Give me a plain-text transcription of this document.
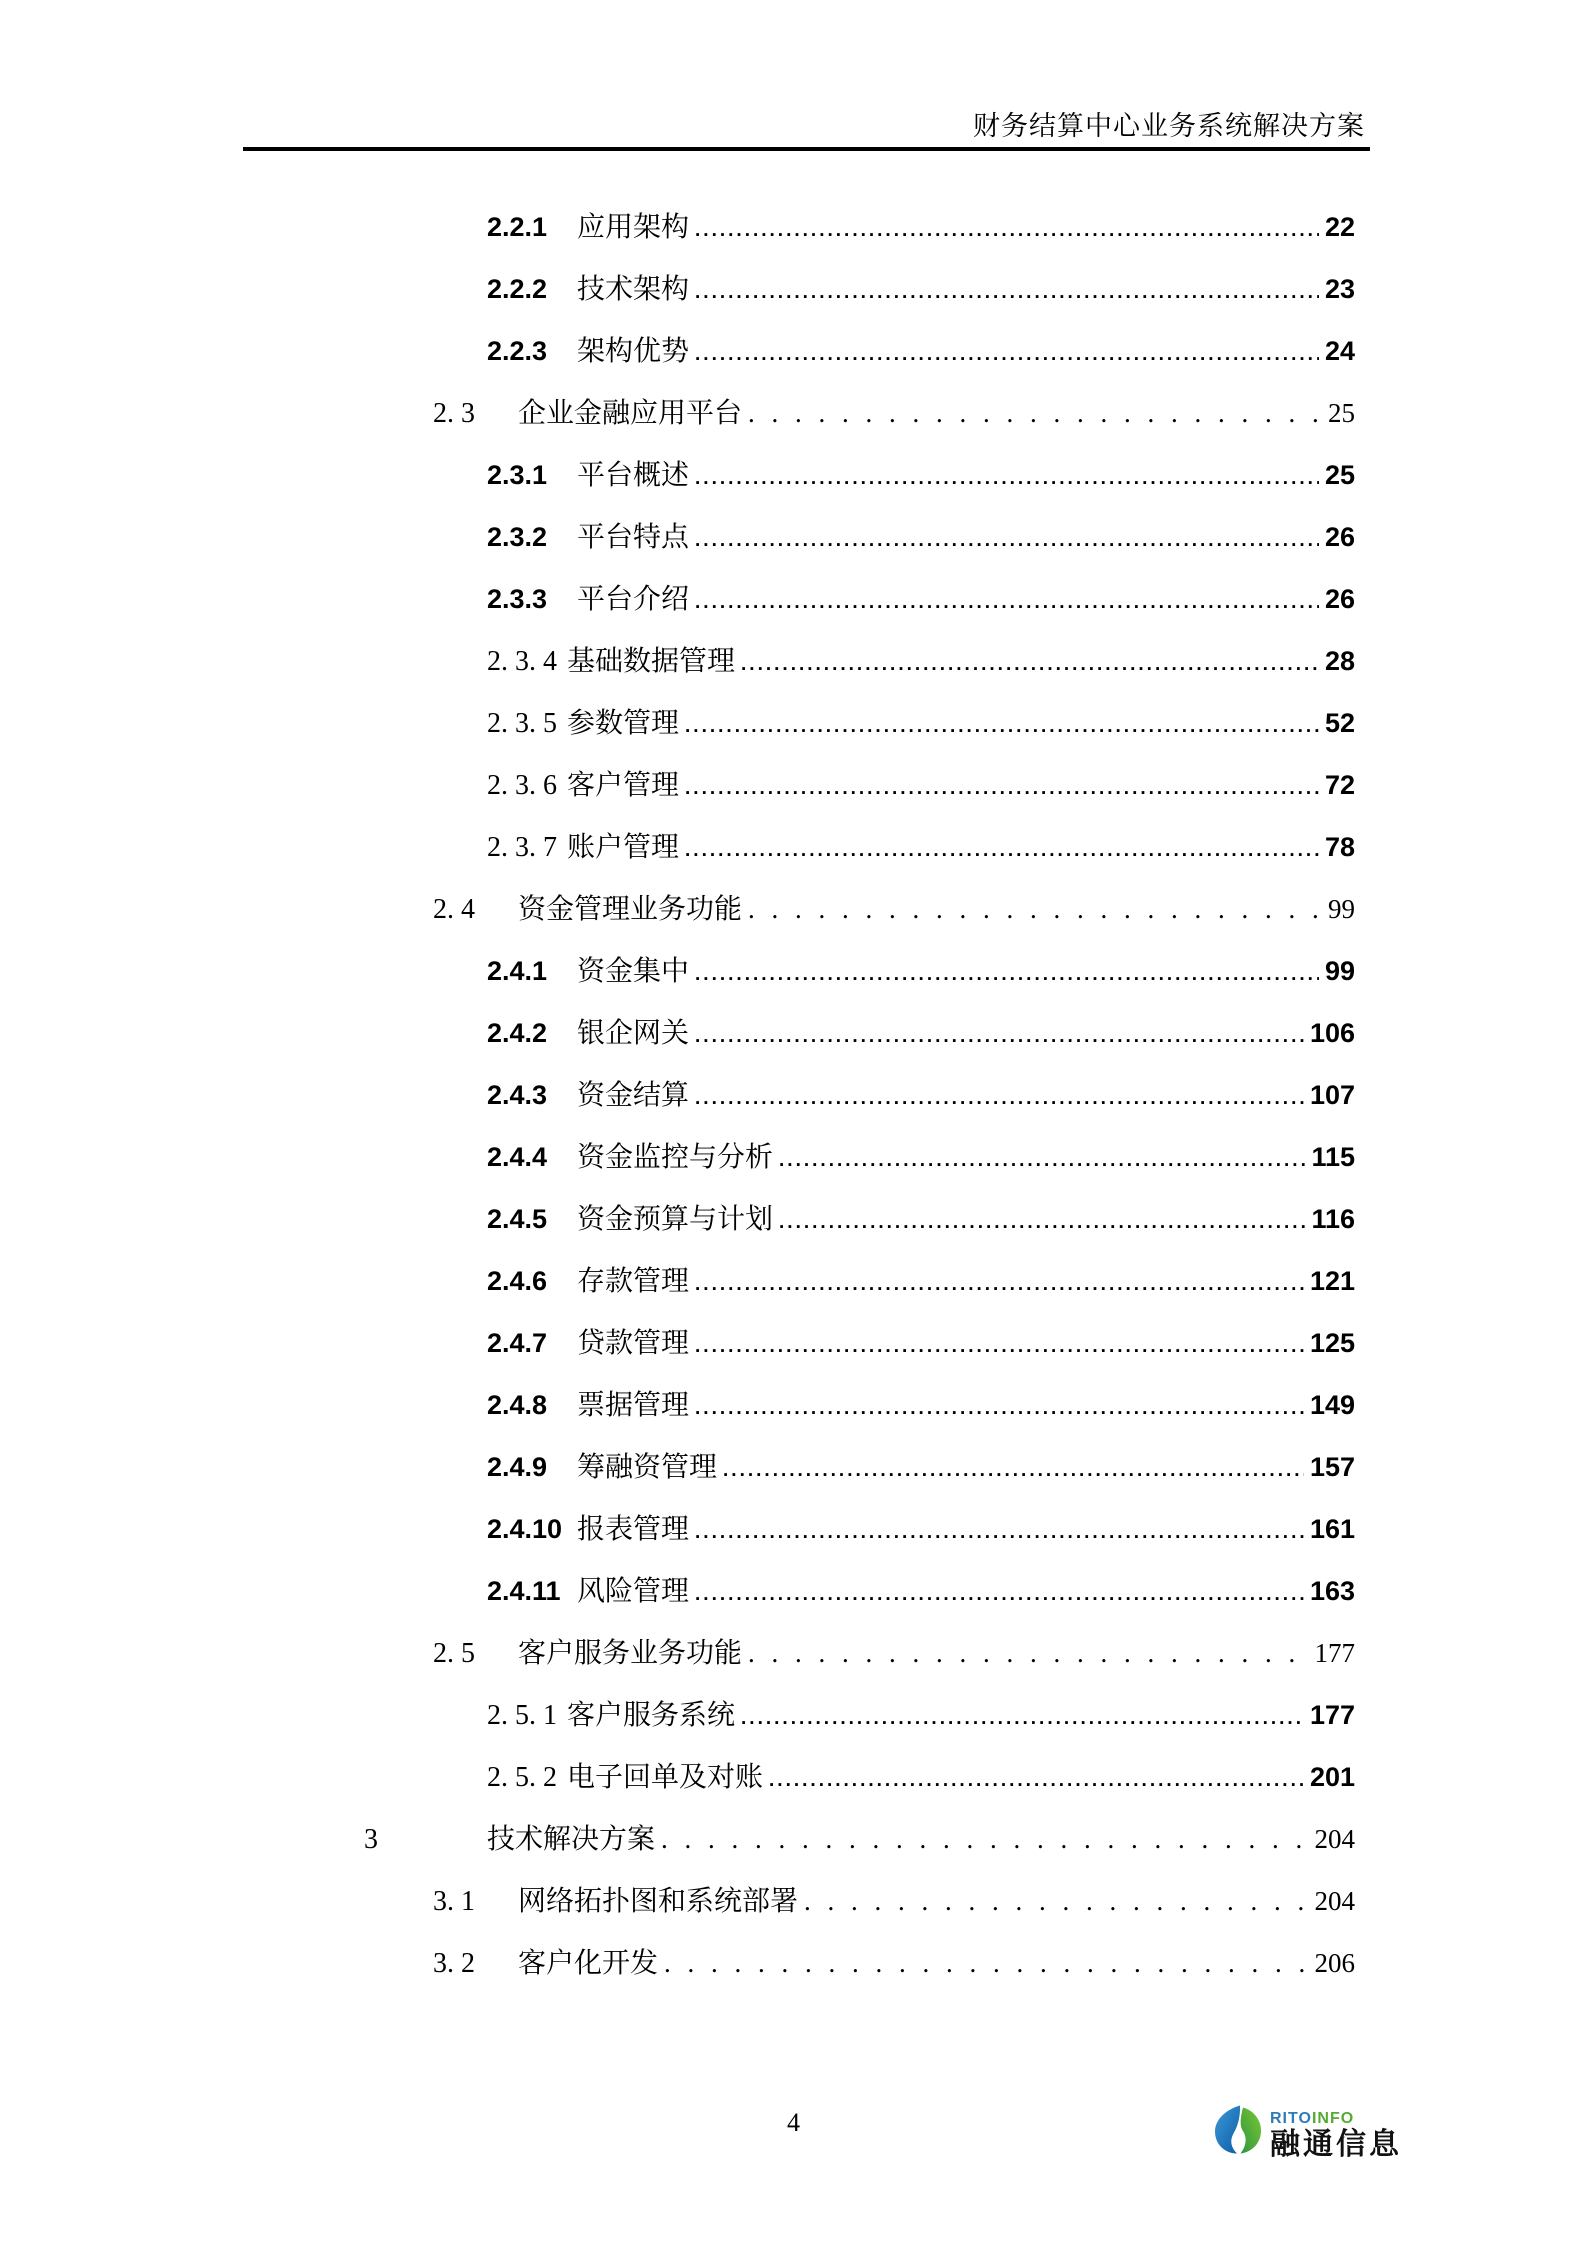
财务结算中心业务系统解决方案
2.2.1	应用架构 .....	22
2.2.2	技术架构 .....	23
2.2.3	架构优势 .....	24
2. 3	企业金融应用平台 . . .	25
2.3.1	平台概述 .....	25
2.3.2	平台特点 .....	26
2.3.3	平台介绍 .....	26
2. 3. 4 基础数据管理 .....	28
2. 3. 5 参数管理 .....	52
2. 3. 6 客户管理 .....	72
2. 3. 7 账户管理 .....	78
2. 4	资金管理业务功能 . . .	99
2.4.1	资金集中 .....	99
2.4.2	银企网关 .....	106
2.4.3	资金结算 .....	107
2.4.4	资金监控与分析 .....	115
2.4.5	资金预算与计划 .....	116
2.4.6	存款管理 .....	121
2.4.7	贷款管理 .....	125
2.4.8	票据管理 .....	149
2.4.9	筹融资管理 .....	157
2.4.10 报表管理 .....	161
2.4.11 风险管理 .....	163
2. 5	客户服务业务功能 . . .	177
2. 5. 1 客户服务系统 .....	177
2. 5. 2 电子回单及对账 .....	201
3	技术解决方案 . . .	204
3. 1	网络拓扑图和系统部署 . . .	204
3. 2	客户化开发 . . .	206
4	RITOINFO
融通信息
